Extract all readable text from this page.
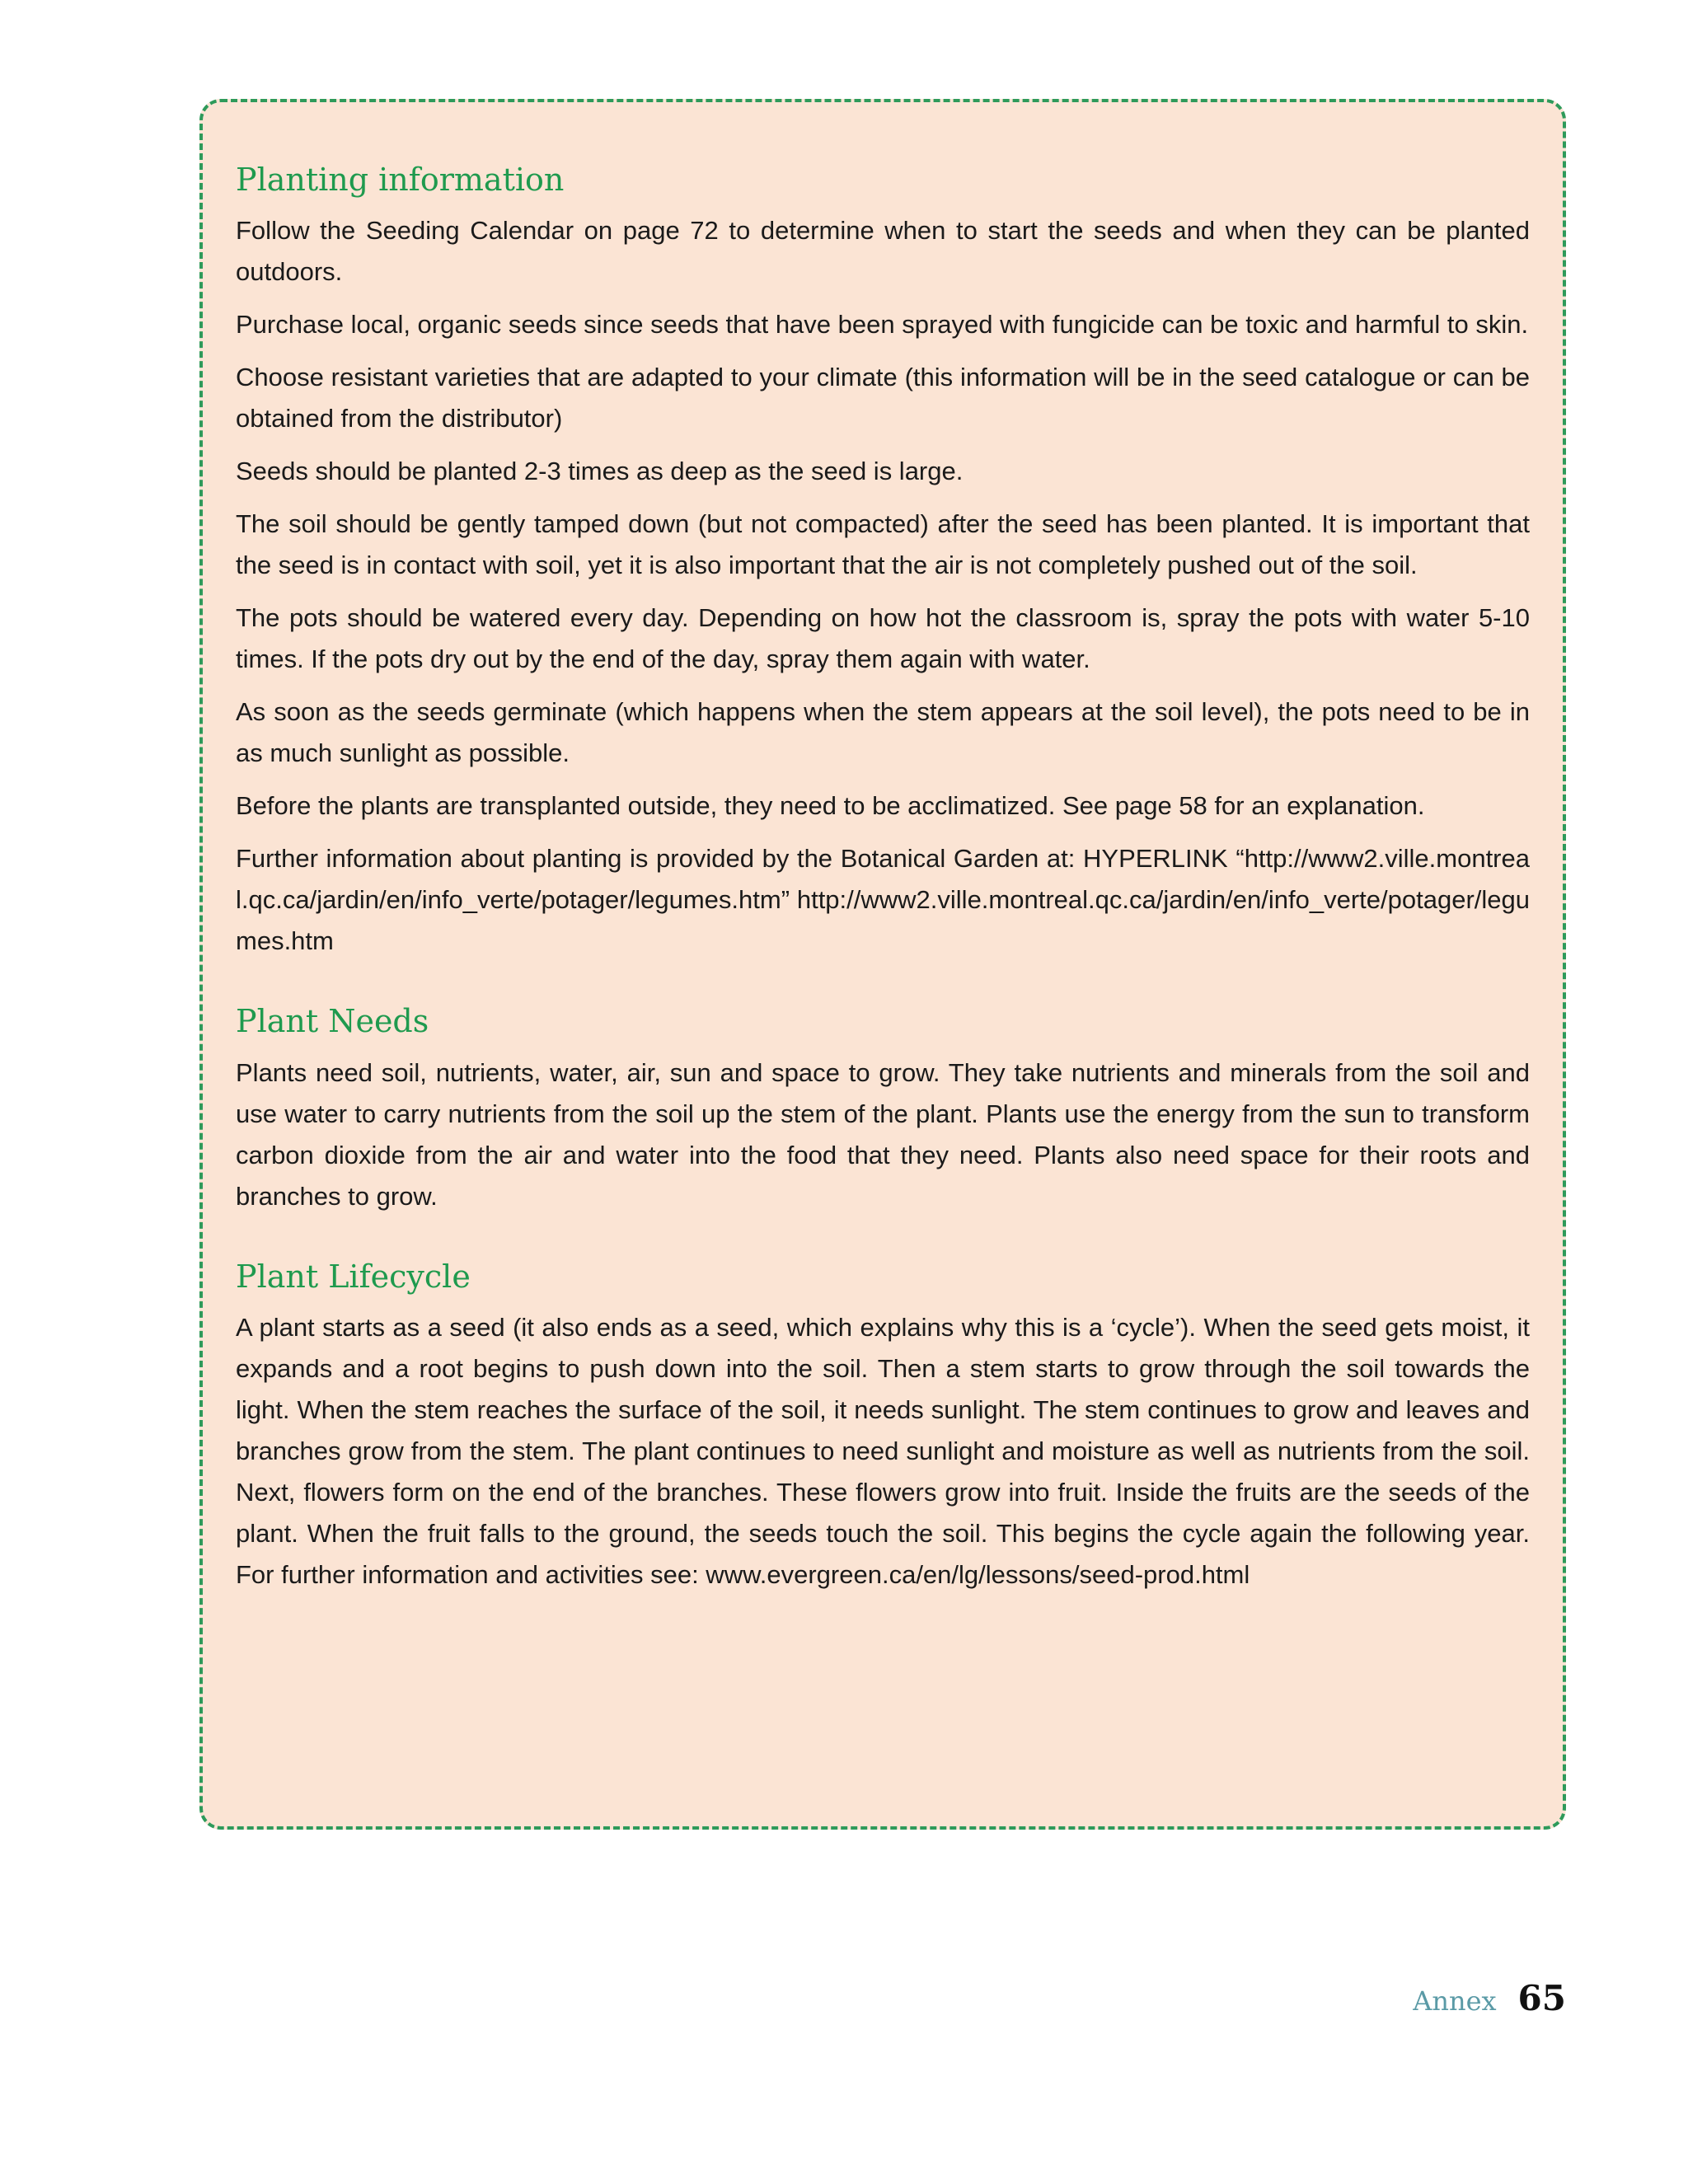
Planting information

Follow the Seeding Calendar on page 72 to determine when to start the seeds and when they can be planted outdoors.

Purchase local, organic seeds since seeds that have been sprayed with fungicide can be toxic and harmful to skin.

Choose resistant varieties that are adapted to your climate (this information will be in the seed catalogue or can be obtained from the distributor)

Seeds should be planted 2-3 times as deep as the seed is large.

The soil should be gently tamped down (but not compacted) after the seed has been planted. It is important that the seed is in contact with soil, yet it is also important that the air is not completely pushed out of the soil.

The pots should be watered every day. Depending on how hot the classroom is, spray the pots with water 5-10 times. If the pots dry out by the end of the day, spray them again with water.

As soon as the seeds germinate (which happens when the stem appears at the soil level), the pots need to be in as much sunlight as possible.

Before the plants are transplanted outside, they need to be acclimatized. See page 58 for an explanation.

Further information about planting is provided by the Botanical Garden at: HYPERLINK “http://www2.ville.montreal.qc.ca/jardin/en/info_verte/potager/legumes.htm” http://www2.ville.montreal.qc.ca/jardin/en/info_verte/potager/legumes.htm

Plant Needs

Plants need soil, nutrients, water, air, sun and space to grow. They take nutrients and minerals from the soil and use water to carry nutrients from the soil up the stem of the plant. Plants use the energy from the sun to transform carbon dioxide from the air and water into the food that they need. Plants also need space for their roots and branches to grow.

Plant Lifecycle

A plant starts as a seed (it also ends as a seed, which explains why this is a ‘cycle’). When the seed gets moist, it expands and a root begins to push down into the soil. Then a stem starts to grow through the soil towards the light. When the stem reaches the surface of the soil, it needs sunlight. The stem continues to grow and leaves and branches grow from the stem. The plant continues to need sunlight and moisture as well as nutrients from the soil. Next, flowers form on the end of the branches. These flowers grow into fruit. Inside the fruits are the seeds of the plant. When the fruit falls to the ground, the seeds touch the soil. This begins the cycle again the following year. For further information and activities see: www.evergreen.ca/en/lg/lessons/seed-prod.html

Annex 65
